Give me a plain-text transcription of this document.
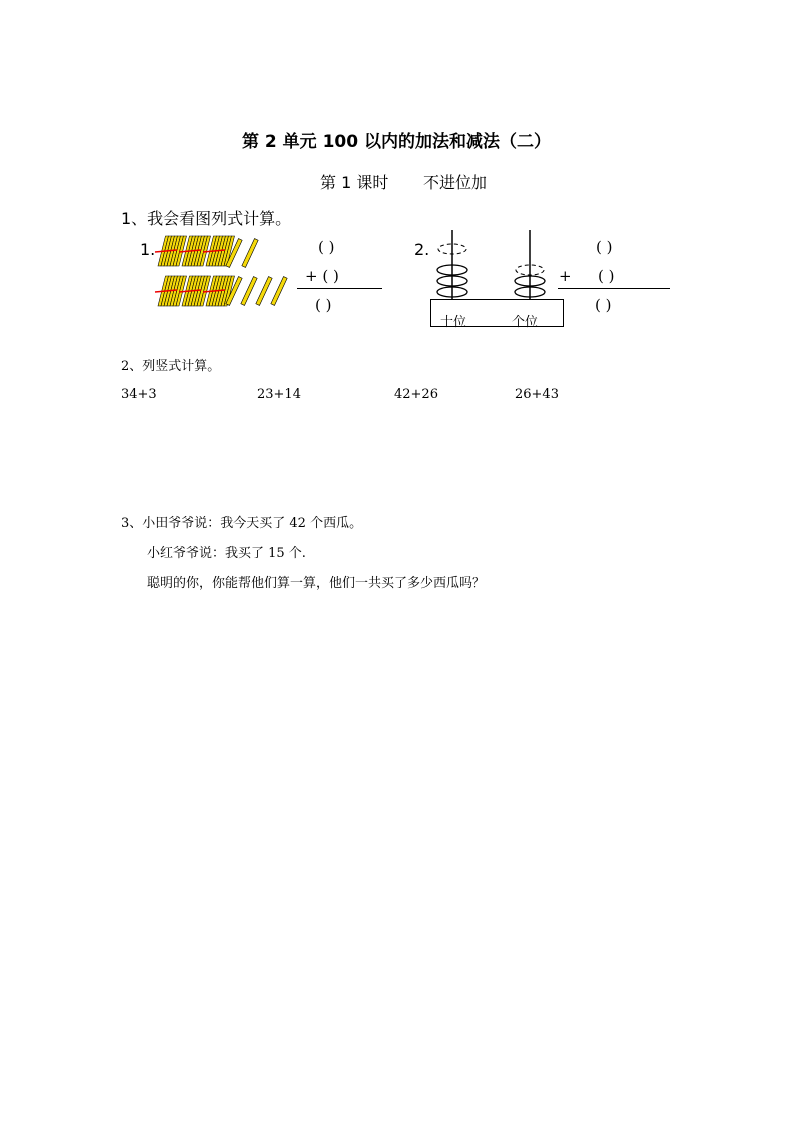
第 2 单元 100 以内的加法和减法（二）
第 1 课时 不进位加
1、我会看图列式计算。
1.	( )
+ ( )
( )
2.
十位	个位
( )
+ ( )
( )
2、列竖式计算。
34+3	23+14	42+26	26+43
3、小田爷爷说：我今天买了 42 个西瓜。
小红爷爷说：我买了 15 个.
聪明的你，你能帮他们算一算，他们一共买了多少西瓜吗？
